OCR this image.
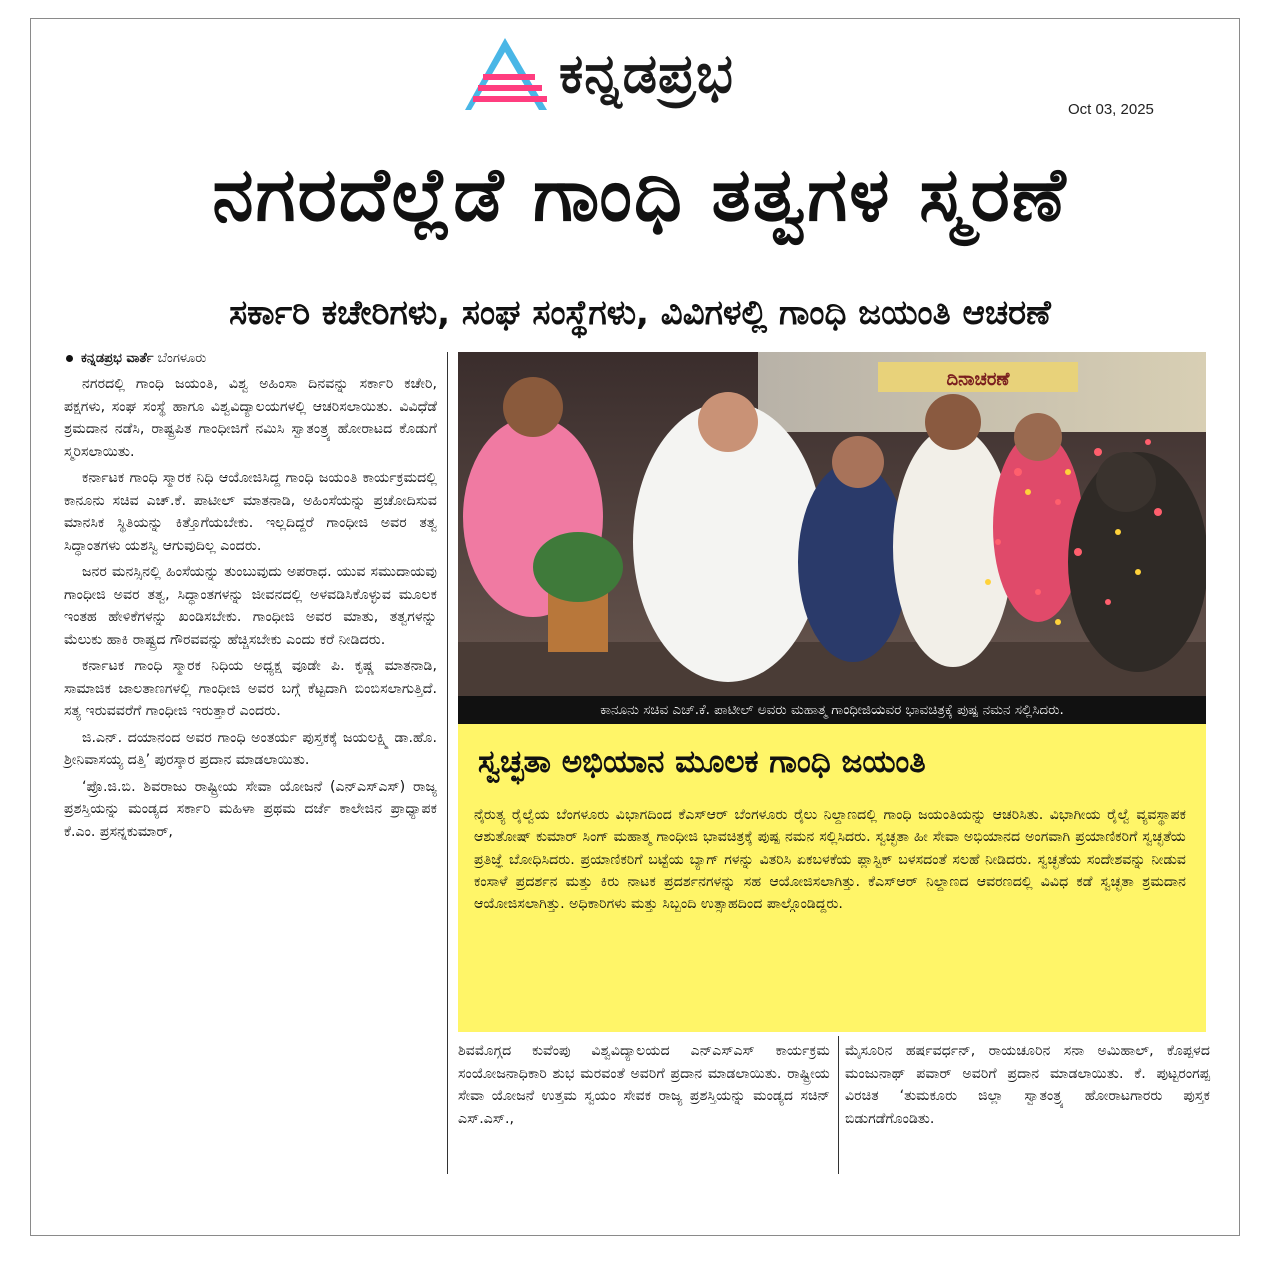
ಕನ್ನಡಪ್ರಭ
Oct 03, 2025
ನಗರದೆಲ್ಲೆಡೆ ಗಾಂಧಿ ತತ್ವಗಳ ಸ್ಮರಣೆ
ಸರ್ಕಾರಿ ಕಚೇರಿಗಳು, ಸಂಘ ಸಂಸ್ಥೆಗಳು, ವಿವಿಗಳಲ್ಲಿ ಗಾಂಧಿ ಜಯಂತಿ ಆಚರಣೆ
ಕನ್ನಡಪ್ರಭ ವಾರ್ತೆ ಬೆಂಗಳೂರು

ನಗರದಲ್ಲಿ ಗಾಂಧಿ ಜಯಂತಿ, ವಿಶ್ವ ಅಹಿಂಸಾ ದಿನವನ್ನು ಸರ್ಕಾರಿ ಕಚೇರಿ, ಪಕ್ಷಗಳು, ಸಂಘ ಸಂಸ್ಥೆ ಹಾಗೂ ವಿಶ್ವವಿದ್ಯಾಲಯಗಳಲ್ಲಿ ಆಚರಿಸಲಾಯಿತು. ವಿವಿಧೆಡೆ ಶ್ರಮದಾನ ನಡೆಸಿ, ರಾಷ್ಟ್ರಪಿತ ಗಾಂಧೀಜಿಗೆ ನಮಿಸಿ ಸ್ವಾತಂತ್ರ್ಯ ಹೋರಾಟದ ಕೊಡುಗೆ ಸ್ಮರಿಸಲಾಯಿತು.

ಕರ್ನಾಟಕ ಗಾಂಧಿ ಸ್ಮಾರಕ ನಿಧಿ ಆಯೋಜಿಸಿದ್ದ ಗಾಂಧಿ ಜಯಂತಿ ಕಾರ್ಯಕ್ರಮದಲ್ಲಿ ಕಾನೂನು ಸಚಿವ ಎಚ್.ಕೆ. ಪಾಟೀಲ್ ಮಾತನಾಡಿ, ಅಹಿಂಸೆಯನ್ನು ಪ್ರಚೋದಿಸುವ ಮಾನಸಿಕ ಸ್ಥಿತಿಯನ್ನು ಕಿತ್ತೊಗೆಯಬೇಕು. ಇಲ್ಲದಿದ್ದರೆ ಗಾಂಧೀಜಿ ಅವರ ತತ್ವ ಸಿದ್ಧಾಂತಗಳು ಯಶಸ್ವಿ ಆಗುವುದಿಲ್ಲ ಎಂದರು.

ಜನರ ಮನಸ್ಸಿನಲ್ಲಿ ಹಿಂಸೆಯನ್ನು ತುಂಬುವುದು ಅಪರಾಧ. ಯುವ ಸಮುದಾಯವು ಗಾಂಧೀಜಿ ಅವರ ತತ್ವ, ಸಿದ್ಧಾಂತಗಳನ್ನು ಜೀವನದಲ್ಲಿ ಅಳವಡಿಸಿಕೊಳ್ಳುವ ಮೂಲಕ ಇಂತಹ ಹೇಳಿಕೆಗಳನ್ನು ಖಂಡಿಸಬೇಕು. ಗಾಂಧೀಜಿ ಅವರ ಮಾತು, ತತ್ವಗಳನ್ನು ಮೆಲುಕು ಹಾಕಿ ರಾಷ್ಟ್ರದ ಗೌರವವನ್ನು ಹೆಚ್ಚಿಸಬೇಕು ಎಂದು ಕರೆ ನೀಡಿದರು.

ಕರ್ನಾಟಕ ಗಾಂಧಿ ಸ್ಮಾರಕ ನಿಧಿಯ ಅಧ್ಯಕ್ಷ ವೂಡೇ ಪಿ. ಕೃಷ್ಣ ಮಾತನಾಡಿ, ಸಾಮಾಜಿಕ ಜಾಲತಾಣಗಳಲ್ಲಿ ಗಾಂಧೀಜಿ ಅವರ ಬಗ್ಗೆ ಕೆಟ್ಟದಾಗಿ ಬಿಂಬಿಸಲಾಗುತ್ತಿದೆ. ಸತ್ಯ ಇರುವವರೆಗೆ ಗಾಂಧೀಜಿ ಇರುತ್ತಾರೆ ಎಂದರು.

ಜಿ.ಎನ್. ದಯಾನಂದ ಅವರ ಗಾಂಧಿ ಅಂತರ್ಯ ಪುಸ್ತಕಕ್ಕೆ ಜಯಲಕ್ಷ್ಮಿ ಡಾ.ಹೊ. ಶ್ರೀನಿವಾಸಯ್ಯ ದತ್ತಿ’ ಪುರಸ್ಕಾರ ಪ್ರದಾನ ಮಾಡಲಾಯಿತು.

‘ಪ್ರೊ.ಜಿ.ಬಿ. ಶಿವರಾಜು ರಾಷ್ಟ್ರೀಯ ಸೇವಾ ಯೋಜನೆ (ಎನ್‌ಎಸ್‌ಎಸ್) ರಾಜ್ಯ ಪ್ರಶಸ್ತಿಯನ್ನು ಮಂಡ್ಯದ ಸರ್ಕಾರಿ ಮಹಿಳಾ ಪ್ರಥಮ ದರ್ಜೆ ಕಾಲೇಜಿನ ಪ್ರಾಧ್ಯಾಪಕ ಕೆ.ಎಂ. ಪ್ರಸನ್ನಕುಮಾರ್,

ದಿನಾಚರಣೆ
ಕಾನೂನು ಸಚಿವ ಎಚ್.ಕೆ. ಪಾಟೀಲ್ ಅವರು ಮಹಾತ್ಮ ಗಾಂಧೀಜಿಯವರ ಭಾವಚಿತ್ರಕ್ಕೆ ಪುಷ್ಪ ನಮನ ಸಲ್ಲಿಸಿದರು.
ಸ್ವಚ್ಛತಾ ಅಭಿಯಾನ ಮೂಲಕ ಗಾಂಧಿ ಜಯಂತಿ
ನೈರುತ್ಯ ರೈಲ್ವೆಯ ಬೆಂಗಳೂರು ವಿಭಾಗದಿಂದ ಕೆಎಸ್‌ಆರ್ ಬೆಂಗಳೂರು ರೈಲು ನಿಲ್ದಾಣದಲ್ಲಿ ಗಾಂಧಿ ಜಯಂತಿಯನ್ನು ಆಚರಿಸಿತು. ವಿಭಾಗೀಯ ರೈಲ್ವೆ ವ್ಯವಸ್ಥಾಪಕ ಆಶುತೋಷ್ ಕುಮಾರ್ ಸಿಂಗ್ ಮಹಾತ್ಮ ಗಾಂಧೀಜಿ ಭಾವಚಿತ್ರಕ್ಕೆ ಪುಷ್ಪ ನಮನ ಸಲ್ಲಿಸಿದರು. ಸ್ವಚ್ಛತಾ ಹೀ ಸೇವಾ ಅಭಿಯಾನದ ಅಂಗವಾಗಿ ಪ್ರಯಾಣಿಕರಿಗೆ ಸ್ವಚ್ಛತೆಯ ಪ್ರತಿಜ್ಞೆ ಬೋಧಿಸಿದರು. ಪ್ರಯಾಣಿಕರಿಗೆ ಬಟ್ಟೆಯ ಬ್ಯಾಗ್ ಗಳನ್ನು ವಿತರಿಸಿ ಏಕಬಳಕೆಯ ಪ್ಲಾಸ್ಟಿಕ್ ಬಳಸದಂತೆ ಸಲಹೆ ನೀಡಿದರು. ಸ್ವಚ್ಛತೆಯ ಸಂದೇಶವನ್ನು ನೀಡುವ ಕಂಸಾಳೆ ಪ್ರದರ್ಶನ ಮತ್ತು ಕಿರು ನಾಟಕ ಪ್ರದರ್ಶನಗಳನ್ನು ಸಹ ಆಯೋಜಿಸಲಾಗಿತ್ತು. ಕೆಎಸ್‌ಆರ್ ನಿಲ್ದಾಣದ ಆವರಣದಲ್ಲಿ ವಿವಿಧ ಕಡೆ ಸ್ವಚ್ಛತಾ ಶ್ರಮದಾನ ಆಯೋಜಿಸಲಾಗಿತ್ತು. ಅಧಿಕಾರಿಗಳು ಮತ್ತು ಸಿಬ್ಬಂದಿ ಉತ್ಸಾಹದಿಂದ ಪಾಲ್ಗೊಂಡಿದ್ದರು.

ಶಿವಮೊಗ್ಗದ ಕುವೆಂಪು ವಿಶ್ವವಿದ್ಯಾಲಯದ ಎನ್‌ಎಸ್‌ಎಸ್ ಕಾರ್ಯಕ್ರಮ ಸಂಯೋಜನಾಧಿಕಾರಿ ಶುಭ ಮರವಂತೆ ಅವರಿಗೆ ಪ್ರದಾನ ಮಾಡಲಾಯಿತು. ರಾಷ್ಟ್ರೀಯ ಸೇವಾ ಯೋಜನೆ ಉತ್ತಮ ಸ್ವಯಂ ಸೇವಕ ರಾಜ್ಯ ಪ್ರಶಸ್ತಿಯನ್ನು ಮಂಡ್ಯದ ಸಚಿನ್ ಎಸ್.ಎಸ್.,

ಮೈಸೂರಿನ ಹರ್ಷವರ್ಧನ್, ರಾಯಚೂರಿನ ಸನಾ ಅಮಿಹಾಲ್, ಕೊಪ್ಪಳದ ಮಂಜುನಾಥ್ ಪವಾರ್ ಅವರಿಗೆ ಪ್ರದಾನ ಮಾಡಲಾಯಿತು. ಕೆ. ಪುಟ್ಟರಂಗಪ್ಪ ವಿರಚಿತ ‘ತುಮಕೂರು ಜಿಲ್ಲಾ ಸ್ವಾತಂತ್ರ್ಯ ಹೋರಾಟಗಾರರು ಪುಸ್ತಕ ಬಿಡುಗಡೆಗೊಂಡಿತು.
